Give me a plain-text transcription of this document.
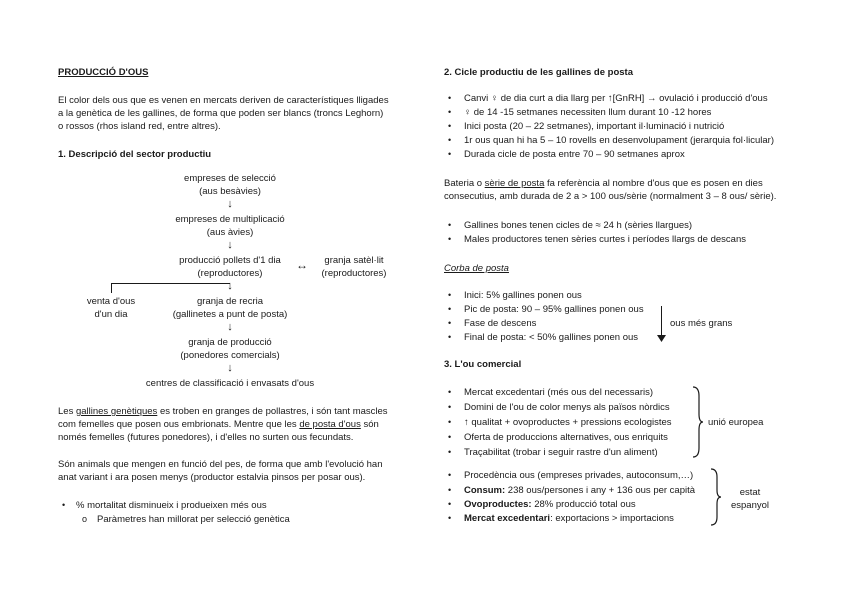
PRODUCCIÓ D'OUS
El color dels ous que es venen en mercats deriven de característiques lligades
a la genètica de les gallines, de forma que poden ser blancs (troncs Leghorn)
o rossos (rhos island red, entre altres).
1. Descripció del sector productiu
empreses de selecció
(aus besàvies)
↓
empreses de multiplicació
(aus àvies)
↓
producció pollets d'1 dia
(reproductores)
↔ granja satèl·lit
(reproductores)
↓
venta d'ous
d'un dia
granja de recria
(gallinetes a punt de posta)
↓
granja de producció
(ponedores comercials)
↓
centres de classificació i envasats d'ous
Les gallines genètiques es troben en granges de pollastres, i són tant mascles
com femelles que posen ous embrionats. Mentre que les de posta d'ous són
només femelles (futures ponedores), i d'elles no surten ous fecundats.
Són animals que mengen en funció del pes, de forma que amb l'evolució han
anat variant i ara posen menys (productor estalvia pinsos per posar ous).
• % mortalitat disminueix i produeixen més ous
o Paràmetres han millorat per selecció genètica
2. Cicle productiu de les gallines de posta
• Canvi ♀ de dia curt a dia llarg per ↑[GnRH] → ovulació i producció d'ous
• ♀ de 14 -15 setmanes necessiten llum durant 10 -12 hores
• Inici posta (20 – 22 setmanes), important il·luminació i nutrició
• 1r ous quan hi ha 5 – 10 rovells en desenvolupament (jerarquia fol·licular)
• Durada cicle de posta entre 70 – 90 setmanes aprox
Bateria o sèrie de posta fa referència al nombre d'ous que es posen en dies
consecutius, amb durada de 2 a > 100 ous/sèrie (normalment 3 – 8 ous/ sèrie).
• Gallines bones tenen cicles de ≈ 24 h (sèries llargues)
• Males productores tenen sèries curtes i períodes llargs de descans
Corba de posta
• Inici: 5% gallines ponen ous
• Pic de posta: 90 – 95% gallines ponen ous
• Fase de descens
• Final de posta: < 50% gallines ponen ous
ous més grans
3. L'ou comercial
• Mercat excedentari (més ous del necessaris)
• Domini de l'ou de color menys als països nòrdics
• ↑ qualitat + ovoproductes + pressions ecologistes
• Oferta de produccions alternatives, ous enriquits
• Traçabilitat (trobar i seguir rastre d'un aliment)
unió europea
• Procedència ous (empreses privades, autoconsum,…)
• Consum: 238 ous/persones i any + 136 ous per capità
• Ovoproductes: 28% producció total ous
• Mercat excedentari: exportacions > importacions
estat
espanyol
